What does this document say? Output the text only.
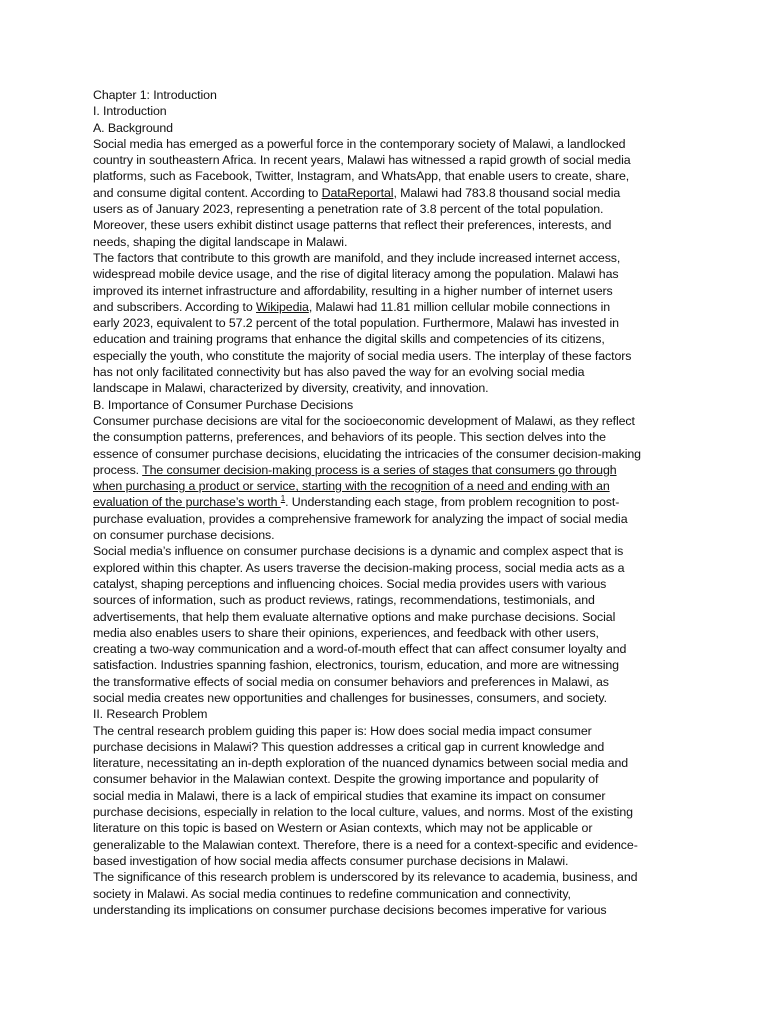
Chapter 1: Introduction
I. Introduction
A. Background

Social media has emerged as a powerful force in the contemporary society of Malawi, a landlocked
country in southeastern Africa. In recent years, Malawi has witnessed a rapid growth of social media
platforms, such as Facebook, Twitter, Instagram, and WhatsApp, that enable users to create, share,
and consume digital content. According to DataReportal, Malawi had 783.8 thousand social media
users as of January 2023, representing a penetration rate of 3.8 percent of the total population.
Moreover, these users exhibit distinct usage patterns that reflect their preferences, interests, and
needs, shaping the digital landscape in Malawi.

The factors that contribute to this growth are manifold, and they include increased internet access,
widespread mobile device usage, and the rise of digital literacy among the population. Malawi has
improved its internet infrastructure and affordability, resulting in a higher number of internet users
and subscribers. According to Wikipedia, Malawi had 11.81 million cellular mobile connections in
early 2023, equivalent to 57.2 percent of the total population. Furthermore, Malawi has invested in
education and training programs that enhance the digital skills and competencies of its citizens,
especially the youth, who constitute the majority of social media users. The interplay of these factors
has not only facilitated connectivity but has also paved the way for an evolving social media
landscape in Malawi, characterized by diversity, creativity, and innovation.

B. Importance of Consumer Purchase Decisions

Consumer purchase decisions are vital for the socioeconomic development of Malawi, as they reflect
the consumption patterns, preferences, and behaviors of its people. This section delves into the
essence of consumer purchase decisions, elucidating the intricacies of the consumer decision-making
process. The consumer decision-making process is a series of stages that consumers go through
when purchasing a product or service, starting with the recognition of a need and ending with an
evaluation of the purchase’s worth $^1$. Understanding each stage, from problem recognition to post-
purchase evaluation, provides a comprehensive framework for analyzing the impact of social media
on consumer purchase decisions.

Social media’s influence on consumer purchase decisions is a dynamic and complex aspect that is
explored within this chapter. As users traverse the decision-making process, social media acts as a
catalyst, shaping perceptions and influencing choices. Social media provides users with various
sources of information, such as product reviews, ratings, recommendations, testimonials, and
advertisements, that help them evaluate alternative options and make purchase decisions. Social
media also enables users to share their opinions, experiences, and feedback with other users,
creating a two-way communication and a word-of-mouth effect that can affect consumer loyalty and
satisfaction. Industries spanning fashion, electronics, tourism, education, and more are witnessing
the transformative effects of social media on consumer behaviors and preferences in Malawi, as
social media creates new opportunities and challenges for businesses, consumers, and society.

II. Research Problem

The central research problem guiding this paper is: How does social media impact consumer
purchase decisions in Malawi? This question addresses a critical gap in current knowledge and
literature, necessitating an in-depth exploration of the nuanced dynamics between social media and
consumer behavior in the Malawian context. Despite the growing importance and popularity of
social media in Malawi, there is a lack of empirical studies that examine its impact on consumer
purchase decisions, especially in relation to the local culture, values, and norms. Most of the existing
literature on this topic is based on Western or Asian contexts, which may not be applicable or
generalizable to the Malawian context. Therefore, there is a need for a context-specific and evidence-
based investigation of how social media affects consumer purchase decisions in Malawi.

The significance of this research problem is underscored by its relevance to academia, business, and
society in Malawi. As social media continues to redefine communication and connectivity,
understanding its implications on consumer purchase decisions becomes imperative for various
